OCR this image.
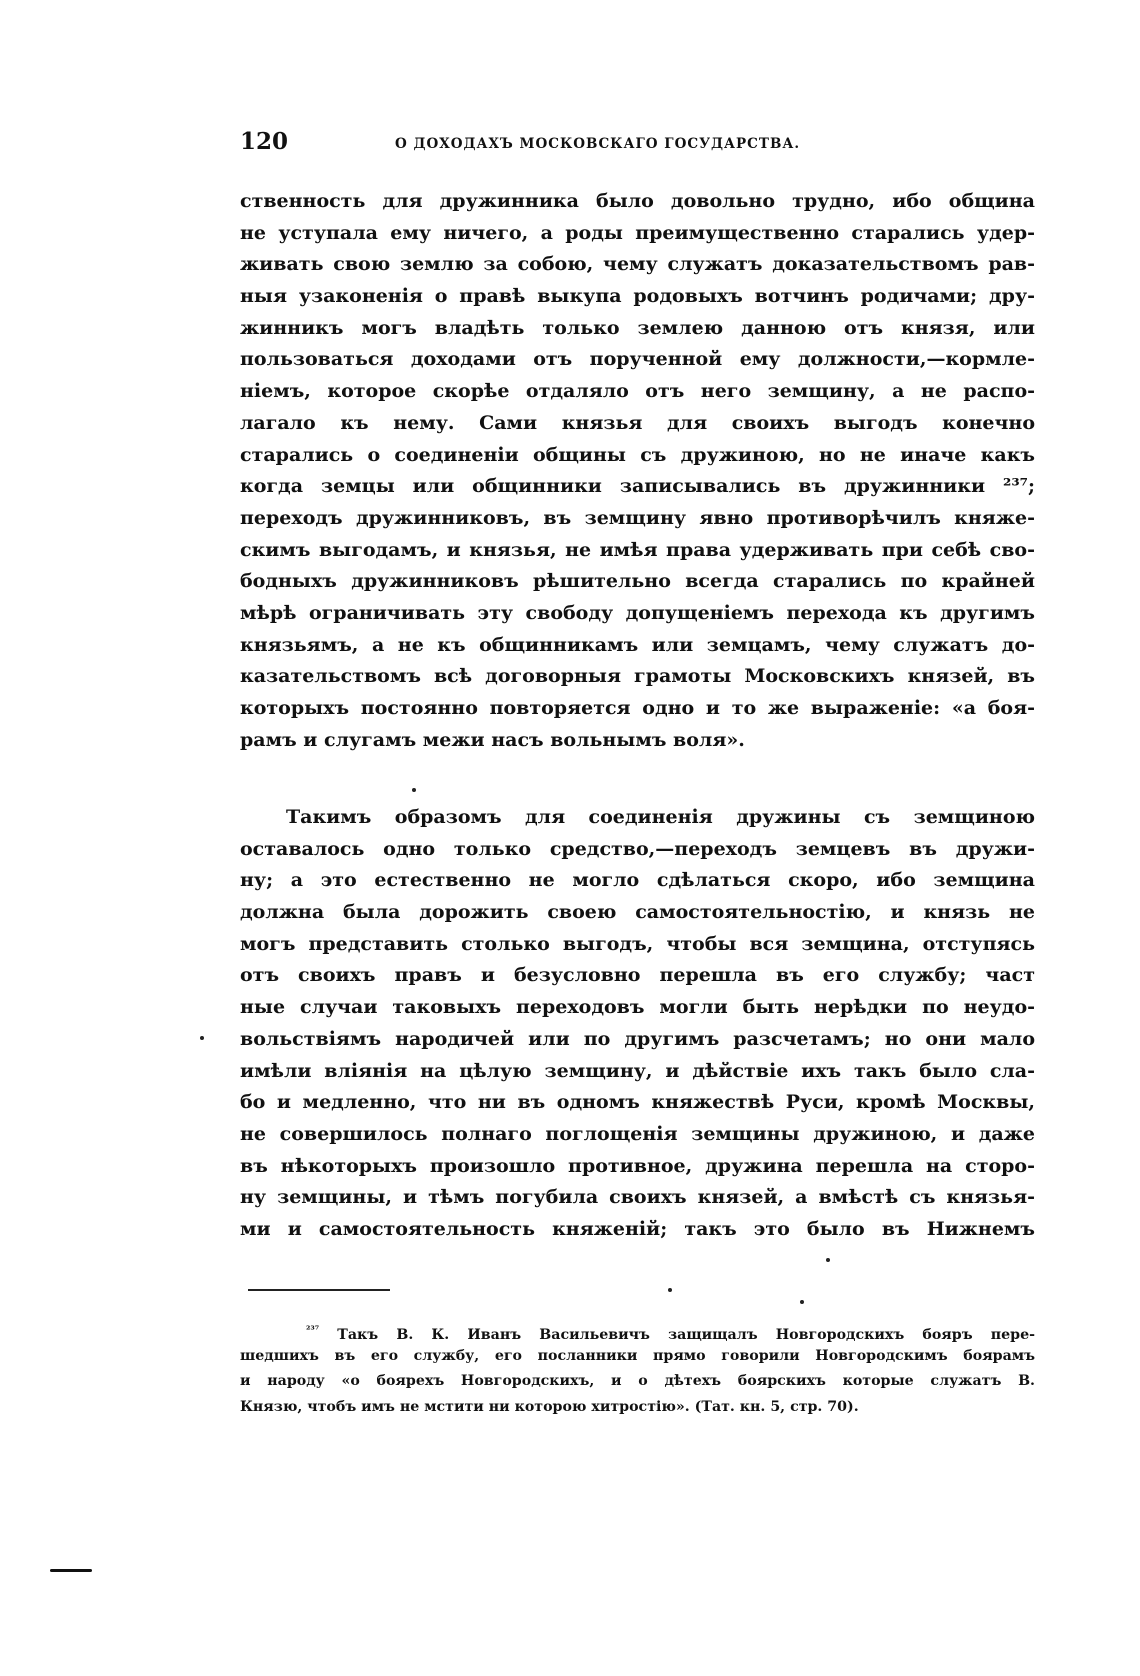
120	О ДОХОДАХЪ МОСКОВСКАГО ГОСУДАРСТВА.
ственность для дружинника было довольно трудно, ибо община
не уступала ему ничего, а роды преимущественно старались удер-
живать свою землю за собою, чему служатъ доказательствомъ рав-
ныя узаконенія о правѣ выкупа родовыхъ вотчинъ родичами; дру-
жинникъ могъ владѣть только землею данною отъ князя, или
пользоваться доходами отъ порученной ему должности,—кормле-
ніемъ, которое скорѣе отдаляло отъ него земщину, а не распо-
лагало къ нему. Сами князья для своихъ выгодъ конечно
старались о соединеніи общины съ дружиною, но не иначе какъ
когда земцы или общинники записывались въ дружинники ²³⁷;
переходъ дружинниковъ, въ земщину явно противорѣчилъ княже-
скимъ выгодамъ, и князья, не имѣя права удерживать при себѣ сво-
бодныхъ дружинниковъ рѣшительно всегда старались по крайней
мѣрѣ ограничивать эту свободу допущеніемъ перехода къ другимъ
князьямъ, а не къ общинникамъ или земцамъ, чему служатъ до-
казательствомъ всѣ договорныя грамоты Московскихъ князей, въ
которыхъ постоянно повторяется одно и то же выраженіе: «а боя-
рамъ и слугамъ межи насъ вольнымъ воля».
Такимъ образомъ для соединенія дружины съ земщиною
оставалось одно только средство,—переходъ земцевъ въ дружи-
ну; а это естественно не могло сдѣлаться скоро, ибо земщина
должна была дорожить своею самостоятельностію, и князь не
могъ представить столько выгодъ, чтобы вся земщина, отступясь
отъ своихъ правъ и безусловно перешла въ его службу; част
ные случаи таковыхъ переходовъ могли быть нерѣдки по неудо-
вольствіямъ народичей или по другимъ разсчетамъ; но они мало
имѣли вліянія на цѣлую земщину, и дѣйствіе ихъ такъ было сла-
бо и медленно, что ни въ одномъ княжествѣ Руси, кромѣ Москвы,
не совершилось полнаго поглощенія земщины дружиною, и даже
въ нѣкоторыхъ произошло противное, дружина перешла на сторо-
ну земщины, и тѣмъ погубила своихъ князей, а вмѣстѣ съ князья-
ми и самостоятельность княженій; такъ это было въ Нижнемъ
$^{^{237}}$ Такъ В. К. Иванъ Васильевичъ защищалъ Новгородскихъ бояръ пере-
шедшихъ въ его службу, его посланники прямо говорили Новгородскимъ боярамъ
и народу «о боярехъ Новгородскихъ, и о дѣтехъ боярскихъ которые служатъ В.
Князю, чтобъ имъ не мстити ни которою хитростію». (Тат. кн. 5, стр. 70).
